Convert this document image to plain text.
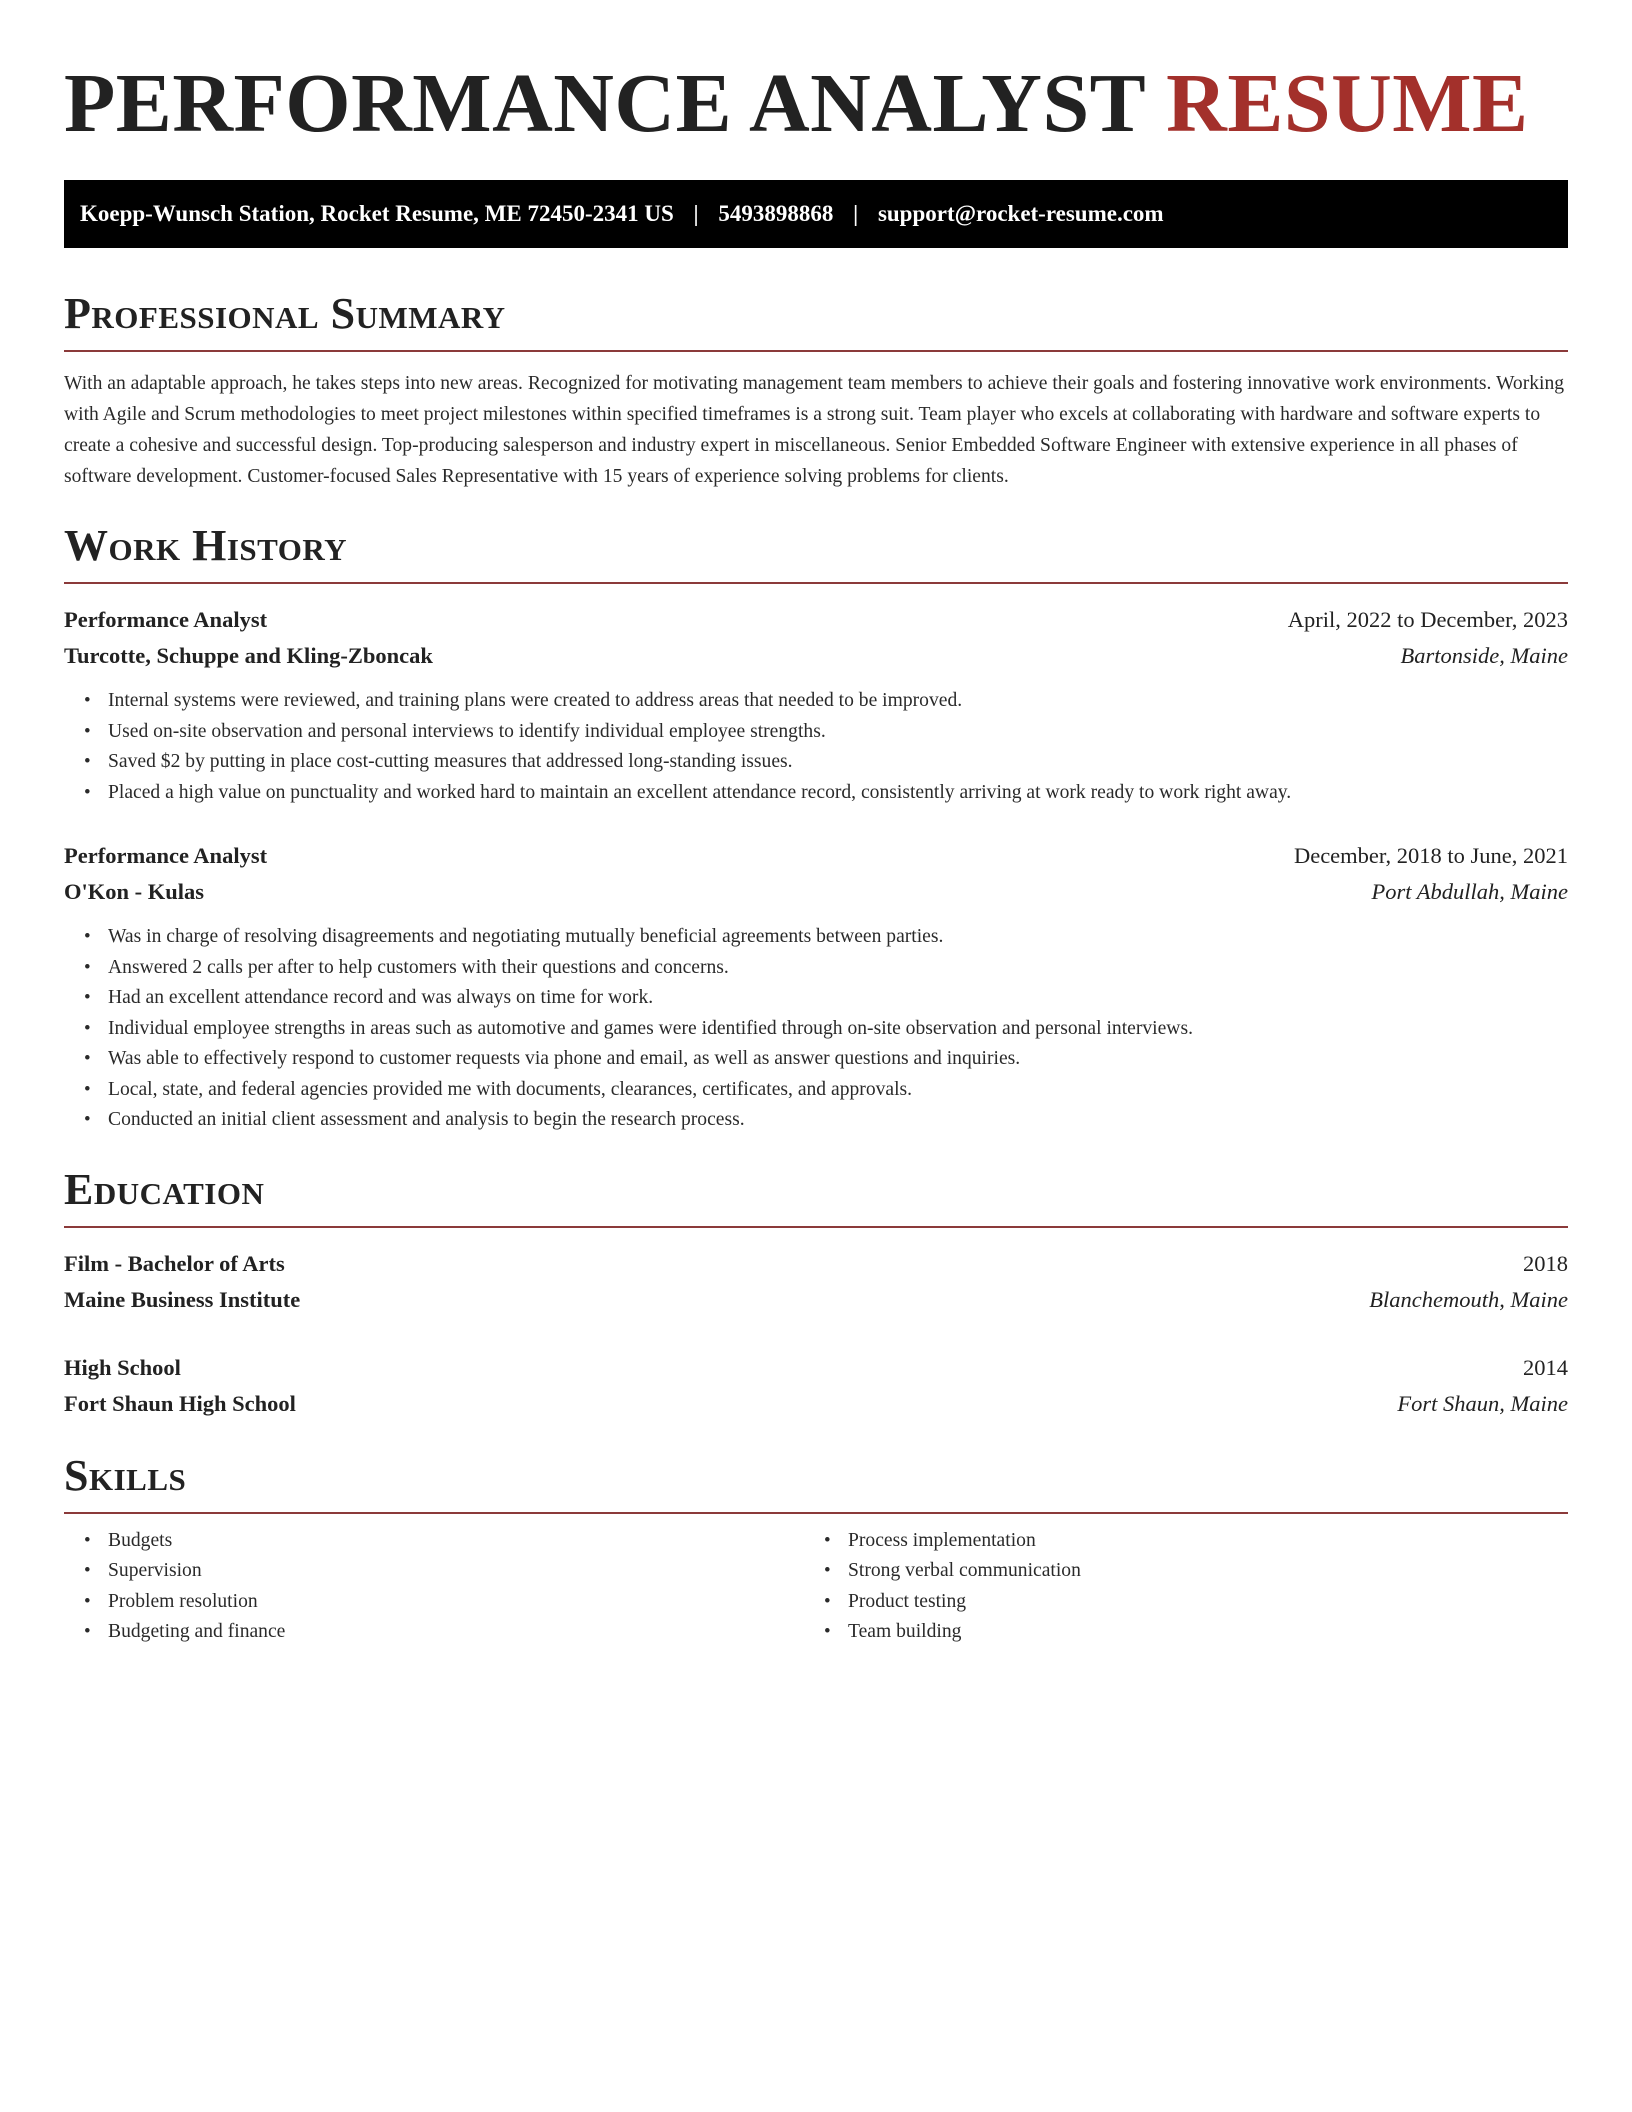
PERFORMANCE ANALYST RESUME
Koepp-Wunsch Station, Rocket Resume, ME 72450-2341 US | 5493898868 | support@rocket-resume.com
Professional Summary

With an adaptable approach, he takes steps into new areas. Recognized for motivating management team members to achieve their goals and fostering innovative work environments. Working with Agile and Scrum methodologies to meet project milestones within specified timeframes is a strong suit. Team player who excels at collaborating with hardware and software experts to create a cohesive and successful design. Top-producing salesperson and industry expert in miscellaneous. Senior Embedded Software Engineer with extensive experience in all phases of software development. Customer-focused Sales Representative with 15 years of experience solving problems for clients.

Work History
Performance Analyst	April, 2022 to December, 2023
Turcotte, Schuppe and Kling-Zboncak	Bartonside, Maine
• Internal systems were reviewed, and training plans were created to address areas that needed to be improved.
• Used on-site observation and personal interviews to identify individual employee strengths.
• Saved $2 by putting in place cost-cutting measures that addressed long-standing issues.
• Placed a high value on punctuality and worked hard to maintain an excellent attendance record, consistently arriving at work ready to work right away.
Performance Analyst	December, 2018 to June, 2021
O'Kon - Kulas	Port Abdullah, Maine
• Was in charge of resolving disagreements and negotiating mutually beneficial agreements between parties.
• Answered 2 calls per after to help customers with their questions and concerns.
• Had an excellent attendance record and was always on time for work.
• Individual employee strengths in areas such as automotive and games were identified through on-site observation and personal interviews.
• Was able to effectively respond to customer requests via phone and email, as well as answer questions and inquiries.
• Local, state, and federal agencies provided me with documents, clearances, certificates, and approvals.
• Conducted an initial client assessment and analysis to begin the research process.
Education
Film - Bachelor of Arts	2018
Maine Business Institute	Blanchemouth, Maine
High School	2014
Fort Shaun High School	Fort Shaun, Maine
Skills
• Budgets
• Supervision
• Problem resolution
• Budgeting and finance
• Process implementation
• Strong verbal communication
• Product testing
• Team building
